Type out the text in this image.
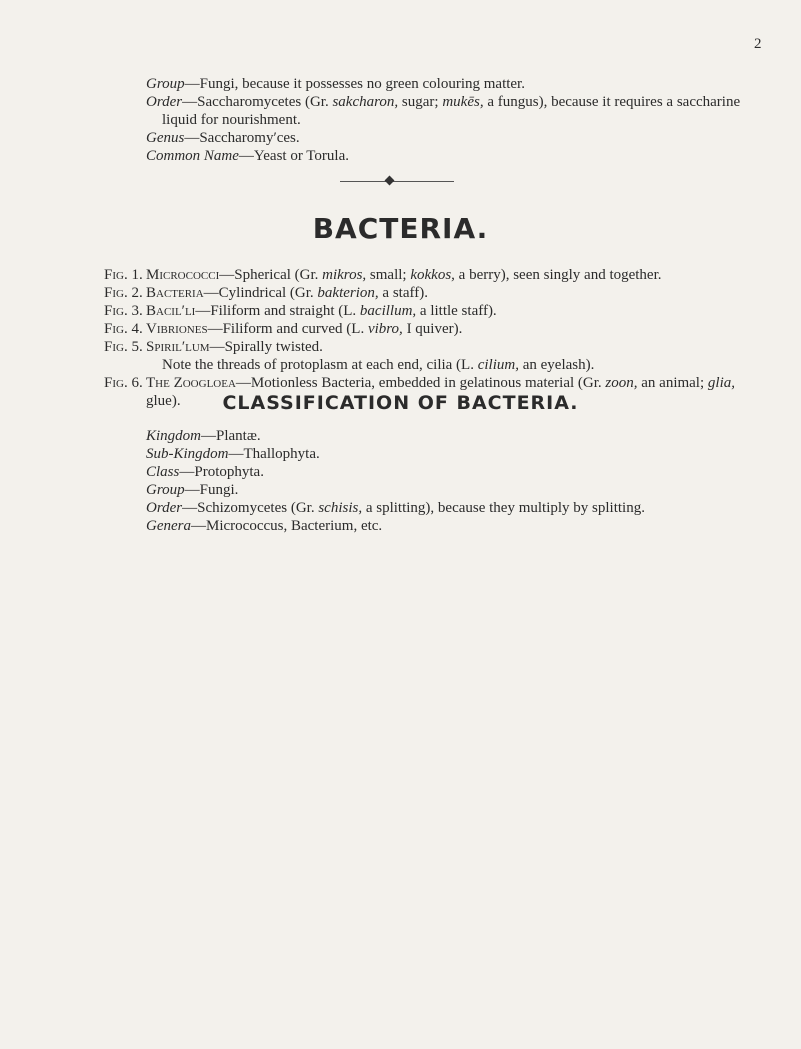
2

Group—Fungi, because it possesses no green colouring matter.

Order—Saccharomycetes (Gr. sakcharon, sugar; mukēs, a fungus), because it requires a saccharine

liquid for nourishment.

Genus—Saccharomy′ces.

Common Name—Yeast or Torula.

BACTERIA.

Fig. 1. Micrococci—Spherical (Gr. mikros, small; kokkos, a berry), seen singly and together.

Fig. 2. Bacteria—Cylindrical (Gr. bakterion, a staff).

Fig. 3. Bacil′li—Filiform and straight (L. bacillum, a little staff).

Fig. 4. Vibriones—Filiform and curved (L. vibro, I quiver).

Fig. 5. Spiril′lum—Spirally twisted.

Note the threads of protoplasm at each end, cilia (L. cilium, an eyelash).

Fig. 6. The Zoogloea—Motionless Bacteria, embedded in gelatinous material (Gr. zoon, an animal; glia,

glue).	CLASSIFICATION OF BACTERIA.

Kingdom—Plantæ.

Sub-Kingdom—Thallophyta.

Class—Protophyta.

Group—Fungi.

Order—Schizomycetes (Gr. schisis, a splitting), because they multiply by splitting.

Genera—Micrococcus, Bacterium, etc.
